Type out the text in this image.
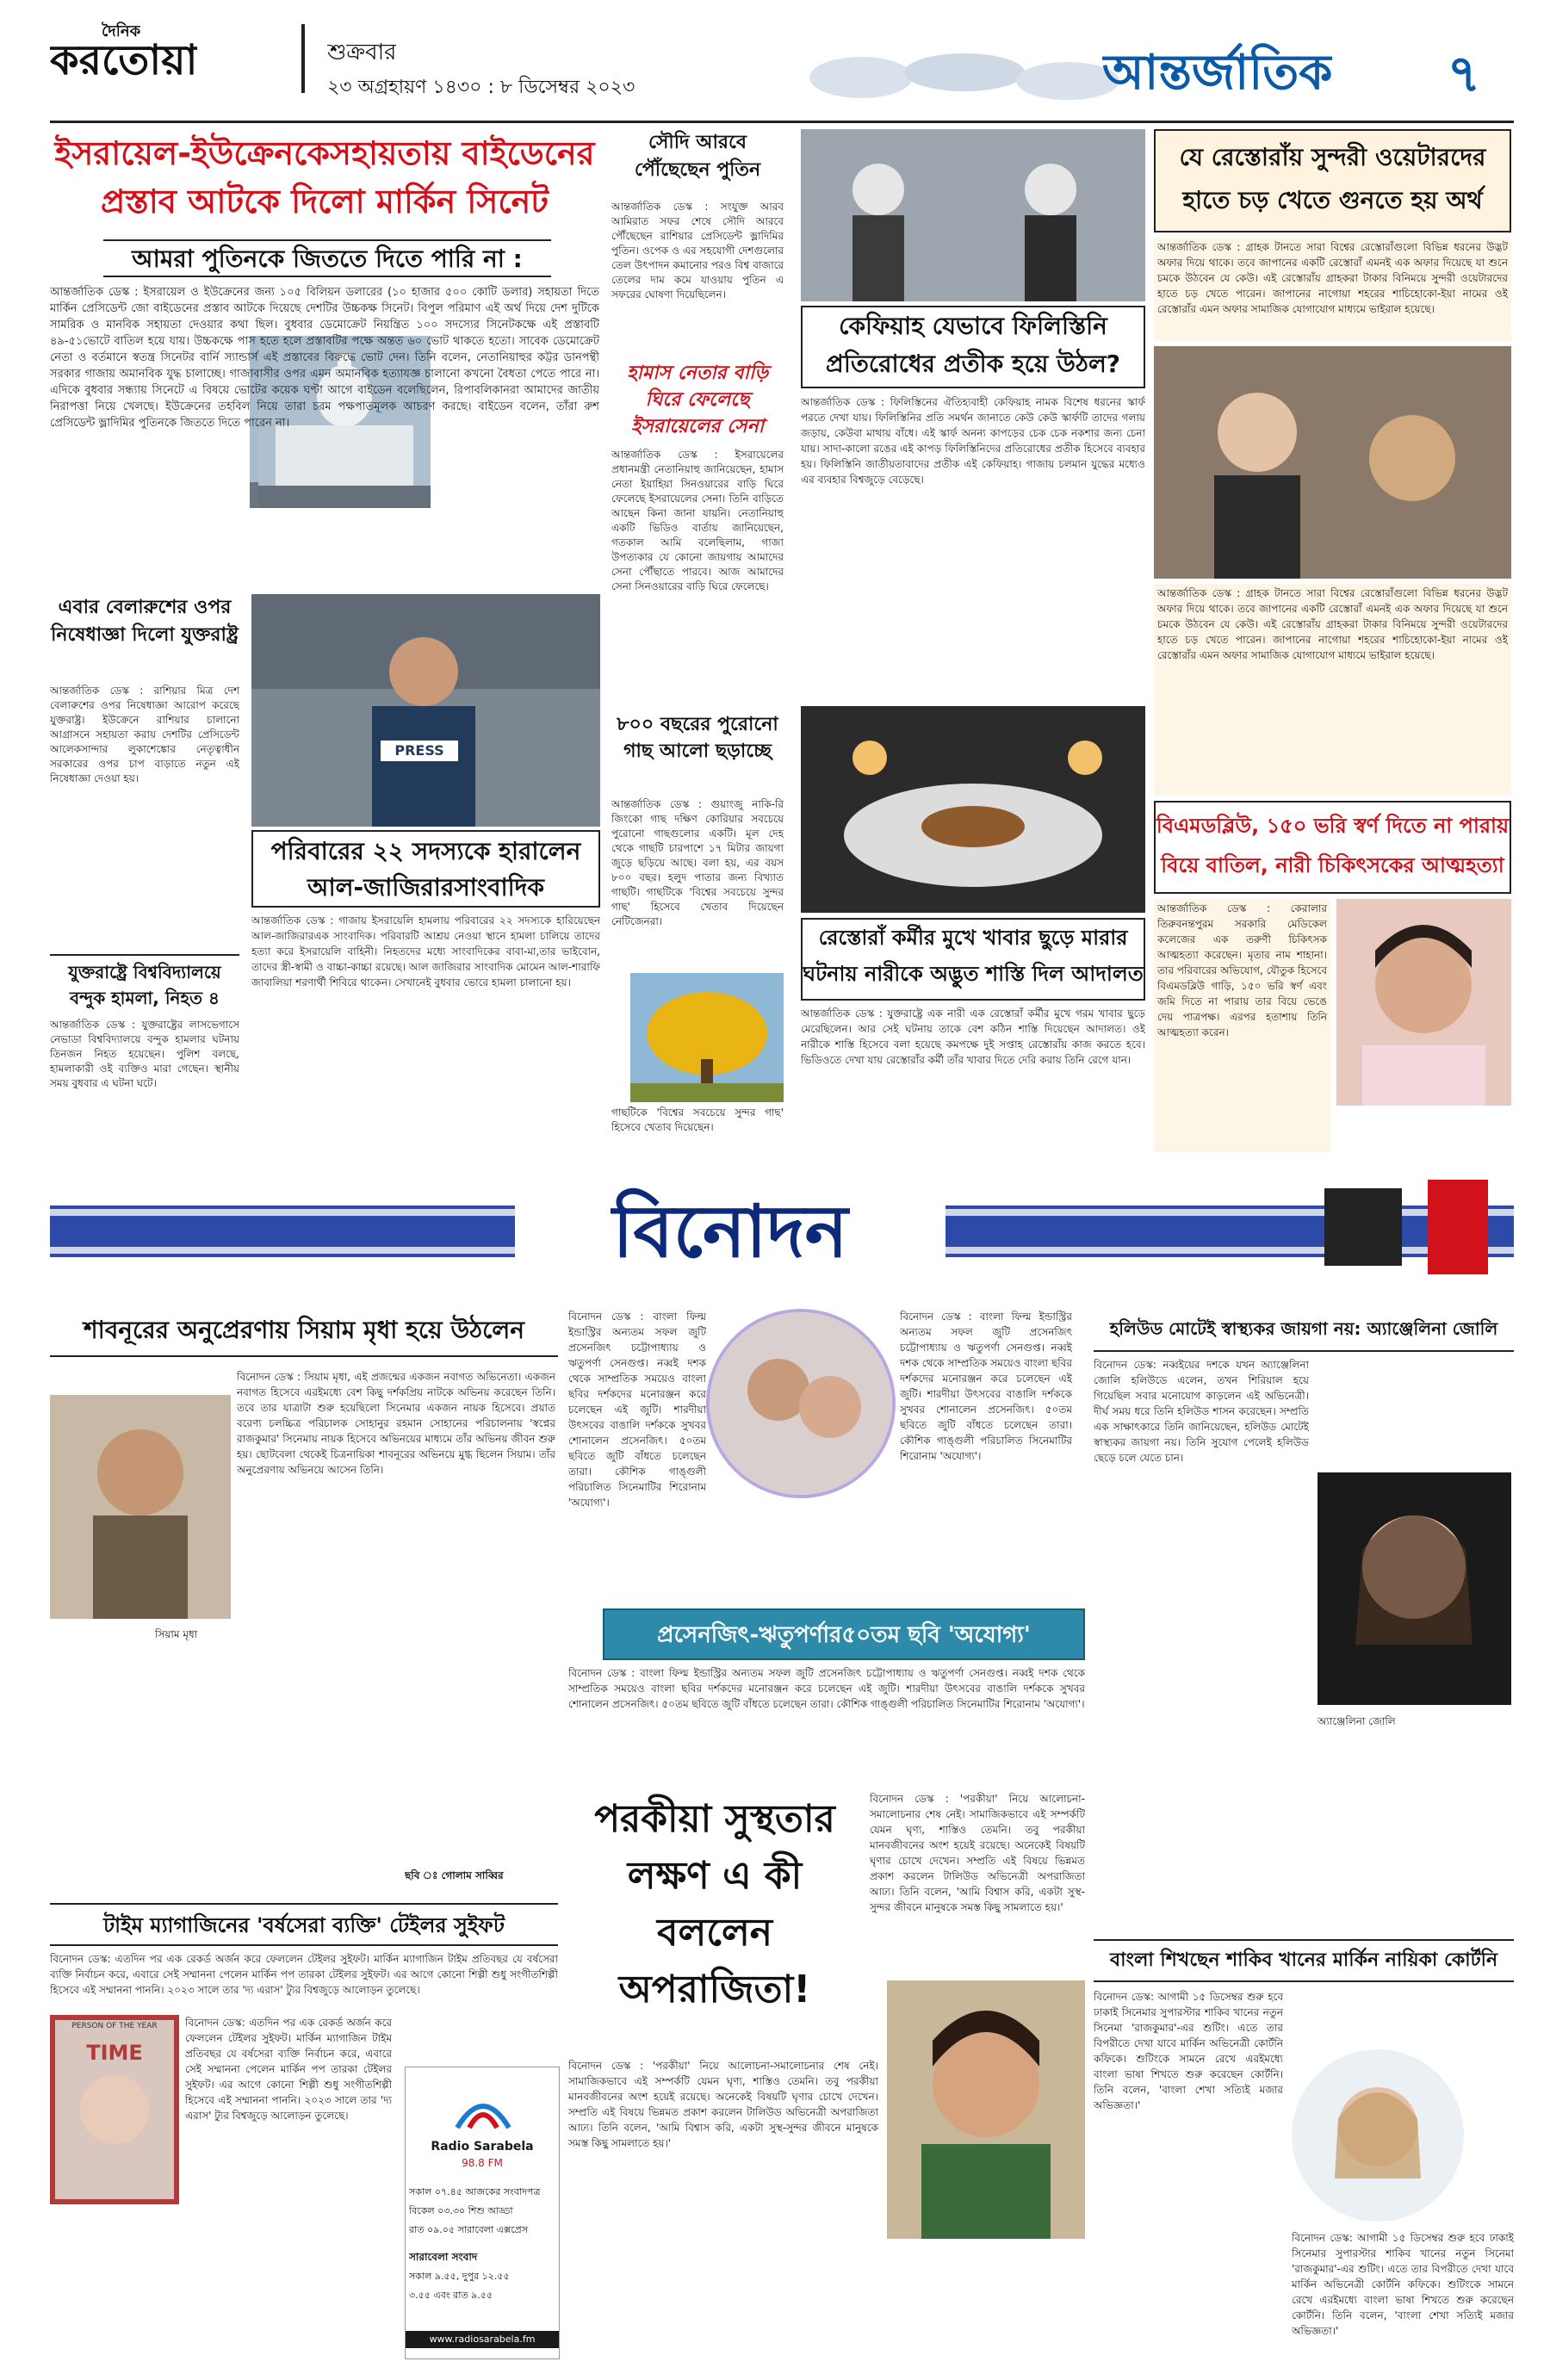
দৈনিক
করতোয়া	শুক্রবার
২৩ অগ্রহায়ণ ১৪৩০ : ৮ ডিসেম্বর ২০২৩	আন্তর্জাতিক	৭
ইসরায়েল-ইউক্রেনকেসহায়তায় বাইডেনের প্রস্তাব আটকে দিলো মার্কিন সিনেট
আমরা পুতিনকে জিততে দিতে পারি না :

আন্তর্জাতিক ডেস্ক : ইসরায়েল ও ইউক্রেনের জন্য ১০৫ বিলিয়ন ডলারের (১০ হাজার ৫০০ কোটি ডলার) সহায়তা দিতে মার্কিন প্রেসিডেন্ট জো বাইডেনের প্রস্তাব আটকে দিয়েছে দেশটির উচ্চকক্ষ সিনেট। বিপুল পরিমাণ এই অর্থ দিয়ে দেশ দুটিকে সামরিক ও মানবিক সহায়তা দেওয়ার কথা ছিল। বুধবার ডেমোক্রেট নিয়ন্ত্রিত ১০০ সদস্যের সিনেটকক্ষে এই প্রস্তাবটি ৪৯-৫১ভোটে বাতিল হয়ে যায়। উচ্চকক্ষে পাস হতে হলে প্রস্তাবটির পক্ষে অন্তত ৬০ ভোট থাকতে হতো। সাবেক ডেমোক্রেট নেতা ও বর্তমানে স্বতন্ত্র সিনেটর বার্নি স্যান্ডার্স এই প্রস্তাবের বিরুদ্ধে ভোট দেন। তিনি বলেন, নেতানিয়াহুর কট্টর ডানপন্থী সরকার গাজায় অমানবিক যুদ্ধ চালাচ্ছে। গাজাবাসীর ওপর এমন অমানবিক হত্যাযজ্ঞ চালানো কখনো বৈধতা পেতে পারে না। এদিকে বুধবার সন্ধ্যায় সিনেটে এ বিষয়ে ভোটের কয়েক ঘণ্টা আগে বাইডেন বলেছিলেন, রিপাবলিকানরা আমাদের জাতীয় নিরাপত্তা নিয়ে খেলছে। ইউক্রেনের তহবিল নিয়ে তারা চরম পক্ষপাতমূলক আচরণ করছে। বাইডেন বলেন, তাঁরা রুশ প্রেসিডেন্ট ভ্লাদিমির পুতিনকে জিততে দিতে পারেন না।

সৌদি আরবে পৌঁছেছেন পুতিন
আন্তর্জাতিক ডেস্ক : সংযুক্ত আরব আমিরাত সফর শেষে সৌদি আরবে পৌঁছেছেন রাশিয়ার প্রেসিডেন্ট ভ্লাদিমির পুতিন। ওপেক ও এর সহযোগী দেশগুলোর তেল উৎপাদন কমানোর পরও বিশ্ব বাজারে তেলের দাম কমে যাওয়ায় পুতিন এ সফরের ঘোষণা দিয়েছিলেন।
হামাস নেতার বাড়ি ঘিরে ফেলেছে ইসরায়েলের সেনা
আন্তর্জাতিক ডেস্ক : ইসরায়েলের প্রধানমন্ত্রী নেতানিয়াহু জানিয়েছেন, হামাস নেতা ইয়াহিয়া সিনওয়ারের বাড়ি ঘিরে ফেলেছে ইসরায়েলের সেনা। তিনি বাড়িতে আছেন কিনা জানা যায়নি। নেতানিয়াহু একটি ভিডিও বার্তায় জানিয়েছেন, গতকাল আমি বলেছিলাম, গাজা উপত্যকার যে কোনো জায়গায় আমাদের সেনা পৌঁছাতে পারবে। আজ আমাদের সেনা সিনওয়ারের বাড়ি ঘিরে ফেলেছে।
৮০০ বছরের পুরোনো গাছ আলো ছড়াচ্ছে
আন্তর্জাতিক ডেস্ক : গুয়াংজু নাকি-রি জিংকো গাছ দক্ষিণ কোরিয়ার সবচেয়ে পুরোনো গাছগুলোর একটি। মূল দেহ থেকে গাছটি চারপাশে ১৭ মিটার জায়গা জুড়ে ছড়িয়ে আছে। বলা হয়, এর বয়স ৮০০ বছর। হলুদ পাতার জন্য বিখ্যাত গাছটি। গাছটিকে 'বিশ্বের সবচেয়ে সুন্দর গাছ' হিসেবে খেতাব দিয়েছেন নেটিজেনরা।
গাছটিকে 'বিশ্বের সবচেয়ে সুন্দর গাছ' হিসেবে খেতাব দিয়েছেন।
এবার বেলারুশের ওপর নিষেধাজ্ঞা দিলো যুক্তরাষ্ট্র
আন্তর্জাতিক ডেস্ক : রাশিয়ার মিত্র দেশ বেলারুশের ওপর নিষেধাজ্ঞা আরোপ করেছে যুক্তরাষ্ট্র। ইউক্রেনে রাশিয়ার চালানো আগ্রাসনে সহায়তা করায় দেশটির প্রেসিডেন্ট আলেকসান্দার লুকাশেঙ্কোর নেতৃত্বাধীন সরকারের ওপর চাপ বাড়াতে নতুন এই নিষেধাজ্ঞা দেওয়া হয়।
যুক্তরাষ্ট্রে বিশ্ববিদ্যালয়ে বন্দুক হামলা, নিহত ৪
আন্তর্জাতিক ডেস্ক : যুক্তরাষ্ট্রের লাসভেগাসে নেভাডা বিশ্ববিদ্যালয়ে বন্দুক হামলার ঘটনায় তিনজন নিহত হয়েছেন। পুলিশ বলছে, হামলাকারী ওই ব্যক্তিও মারা গেছেন। স্থানীয় সময় বুধবার এ ঘটনা ঘটে।
PRESS
পরিবারের ২২ সদস্যকে হারালেন আল-জাজিরারসাংবাদিক
আন্তর্জাতিক ডেস্ক : গাজায় ইসরায়েলি হামলায় পরিবারের ২২ সদস্যকে হারিয়েছেন আল-জাজিরারএক সাংবাদিক। পরিবারটি আশ্রয় নেওয়া স্থানে হামলা চালিয়ে তাদের হত্যা করে ইসরায়েলি বাহিনী। নিহতদের মধ্যে সাংবাদিকের বাবা-মা,তার ভাইবোন, তাদের স্ত্রী-স্বামী ও বাচ্চা-কাচ্চা রয়েছে। আল জাজিরার সাংবাদিক মোমেন আল-শারাফি জাবালিয়া শরণার্থী শিবিরে থাকেন। সেখানেই বুধবার ভোরে হামলা চালানো হয়।
কেফিয়াহ যেভাবে ফিলিস্তিনি প্রতিরোধের প্রতীক হয়ে উঠল?
আন্তর্জাতিক ডেস্ক : ফিলিস্তিনের ঐতিহ্যবাহী কেফিয়াহ নামক বিশেষ ধরনের স্কার্ফ পরতে দেখা যায়। ফিলিস্তিনির প্রতি সমর্থন জানাতে কেউ কেউ স্কার্ফটি তাদের গলায় জড়ায়, কেউবা মাথায় বাঁধে। এই স্কার্ফ অনন্য কাপড়ের চেক চেক নকশার জন্য চেনা যায়। সাদা-কালো রঙের এই কাপড় ফিলিস্তিনিদের প্রতিরোধের প্রতীক হিসেবে ব্যবহার হয়। ফিলিস্তিনি জাতীয়তাবাদের প্রতীক এই কেফিয়াহ। গাজায় চলমান যুদ্ধের মধ্যেও এর ব্যবহার বিশ্বজুড়ে বেড়েছে।
রেস্তোরাঁ কর্মীর মুখে খাবার ছুড়ে মারার ঘটনায় নারীকে অদ্ভুত শাস্তি দিল আদালত
আন্তর্জাতিক ডেস্ক : যুক্তরাষ্ট্রে এক নারী এক রেস্তোরাঁ কর্মীর মুখে গরম খাবার ছুড়ে মেরেছিলেন। আর সেই ঘটনায় তাকে বেশ কঠিন শাস্তি দিয়েছেন আদালত। ওই নারীকে শাস্তি হিসেবে বলা হয়েছে কমপক্ষে দুই সপ্তাহ রেস্তোরাঁয় কাজ করতে হবে। ভিডিওতে দেখা যায় রেস্তোরাঁর কর্মী তাঁর খাবার দিতে দেরি করায় তিনি রেগে যান।
যে রেস্তোরাঁয় সুন্দরী ওয়েটারদের হাতে চড় খেতে গুনতে হয় অর্থ
আন্তর্জাতিক ডেস্ক : গ্রাহক টানতে সারা বিশ্বের রেস্তোরাঁগুলো বিভিন্ন ধরনের উদ্ভট অফার দিয়ে থাকে। তবে জাপানের একটি রেস্তোরাঁ এমনই এক অফার দিয়েছে যা শুনে চমকে উঠবেন যে কেউ। এই রেস্তোরাঁয় গ্রাহকরা টাকার বিনিময়ে সুন্দরী ওয়েটারদের হাতে চড় খেতে পারেন। জাপানের নাগোয়া শহরের শাচিহোকো-ইয়া নামের ওই রেস্তোরাঁর এমন অফার সামাজিক যোগাযোগ মাধ্যমে ভাইরাল হয়েছে।
আন্তর্জাতিক ডেস্ক : গ্রাহক টানতে সারা বিশ্বের রেস্তোরাঁগুলো বিভিন্ন ধরনের উদ্ভট অফার দিয়ে থাকে। তবে জাপানের একটি রেস্তোরাঁ এমনই এক অফার দিয়েছে যা শুনে চমকে উঠবেন যে কেউ। এই রেস্তোরাঁয় গ্রাহকরা টাকার বিনিময়ে সুন্দরী ওয়েটারদের হাতে চড় খেতে পারেন। জাপানের নাগোয়া শহরের শাচিহোকো-ইয়া নামের ওই রেস্তোরাঁর এমন অফার সামাজিক যোগাযোগ মাধ্যমে ভাইরাল হয়েছে।
বিএমডব্লিউ, ১৫০ ভরি স্বর্ণ দিতে না পারায় বিয়ে বাতিল, নারী চিকিৎসকের আত্মহত্যা
আন্তর্জাতিক ডেস্ক : কেরালার তিরুবনন্তপুরম সরকারি মেডিকেল কলেজের এক তরুণী চিকিৎসক আত্মহত্যা করেছেন। মৃতার নাম শাহানা। তার পরিবারের অভিযোগ, যৌতুক হিসেবে বিএমডব্লিউ গাড়ি, ১৫০ ভরি স্বর্ণ এবং জমি দিতে না পারায় তার বিয়ে ভেঙে দেয় পাত্রপক্ষ। এরপর হতাশায় তিনি আত্মহত্যা করেন।
বিনোদন
শাবনূরের অনুপ্রেরণায় সিয়াম মৃধা হয়ে উঠলেন
বিনোদন ডেস্ক : সিয়াম মৃধা, এই প্রজন্মের একজন নবাগত অভিনেতা। একজন নবাগত হিসেবে এরইমধ্যে বেশ কিছু দর্শকপ্রিয় নাটকে অভিনয় করেছেন তিনি। তবে তার যাত্রাটা শুরু হয়েছিলো সিনেমার একজন নায়ক হিসেবে। প্রয়াত বরেণ্য চলচ্চিত্র পরিচালক সোহানুর রহমান সোহানের পরিচালনায় 'স্বপ্নের রাজকুমার' সিনেমায় নায়ক হিসেবে অভিনয়ের মাধ্যমে তাঁর অভিনয় জীবন শুরু হয়। ছোটবেলা থেকেই চিত্রনায়িকা শাবনূরের অভিনয়ে মুগ্ধ ছিলেন সিয়াম। তাঁর অনুপ্রেরণায় অভিনয়ে আসেন তিনি।
সিয়াম মৃধা
ছবি ঃ গোলাম সাব্বির
বিনোদন ডেস্ক : বাংলা ফিল্ম ইন্ডাস্ট্রির অন্যতম সফল জুটি প্রসেনজিৎ চট্টোপাধ্যায় ও ঋতুপর্ণা সেনগুপ্ত। নব্বই দশক থেকে সাম্প্রতিক সময়েও বাংলা ছবির দর্শকদের মনোরঞ্জন করে চলেছেন এই জুটি। শারদীয়া উৎসবের বাঙালি দর্শককে সুখবর শোনালেন প্রসেনজিৎ। ৫০তম ছবিতে জুটি বাঁধতে চলেছেন তারা। কৌশিক গাঙ্গুলী পরিচালিত সিনেমাটির শিরোনাম 'অযোগ্য'।
বিনোদন ডেস্ক : বাংলা ফিল্ম ইন্ডাস্ট্রির অন্যতম সফল জুটি প্রসেনজিৎ চট্টোপাধ্যায় ও ঋতুপর্ণা সেনগুপ্ত। নব্বই দশক থেকে সাম্প্রতিক সময়েও বাংলা ছবির দর্শকদের মনোরঞ্জন করে চলেছেন এই জুটি। শারদীয়া উৎসবের বাঙালি দর্শককে সুখবর শোনালেন প্রসেনজিৎ। ৫০তম ছবিতে জুটি বাঁধতে চলেছেন তারা। কৌশিক গাঙ্গুলী পরিচালিত সিনেমাটির শিরোনাম 'অযোগ্য'।
প্রসেনজিৎ-ঋতুপর্ণার৫০তম ছবি 'অযোগ্য'
বিনোদন ডেস্ক : বাংলা ফিল্ম ইন্ডাস্ট্রির অন্যতম সফল জুটি প্রসেনজিৎ চট্টোপাধ্যায় ও ঋতুপর্ণা সেনগুপ্ত। নব্বই দশক থেকে সাম্প্রতিক সময়েও বাংলা ছবির দর্শকদের মনোরঞ্জন করে চলেছেন এই জুটি। শারদীয়া উৎসবের বাঙালি দর্শককে সুখবর শোনালেন প্রসেনজিৎ। ৫০তম ছবিতে জুটি বাঁধতে চলেছেন তারা। কৌশিক গাঙ্গুলী পরিচালিত সিনেমাটির শিরোনাম 'অযোগ্য'।
হলিউড মোটেই স্বাস্থ্যকর জায়গা নয়: অ্যাঞ্জেলিনা জোলি
বিনোদন ডেস্ক: নব্বইয়ের দশকে যখন অ্যাঞ্জেলিনা জোলি হলিউডে এলেন, তখন শিরিয়াল হয়ে গিয়েছিল সবার মনোযোগ কাড়লেন এই অভিনেত্রী। দীর্ঘ সময় ধরে তিনি হলিউড শাসন করেছেন। সম্প্রতি এক সাক্ষাৎকারে তিনি জানিয়েছেন, হলিউড মোটেই স্বাস্থ্যকর জায়গা নয়। তিনি সুযোগ পেলেই হলিউড ছেড়ে চলে যেতে চান।
অ্যাঞ্জেলিনা জোলি
টাইম ম্যাগাজিনের 'বর্ষসেরা ব্যক্তি' টেইলর সুইফট
বিনোদন ডেস্ক: এতদিন পর এক রেকর্ড অর্জন করে ফেললেন টেইলর সুইফট। মার্কিন ম্যাগাজিন টাইম প্রতিবছর যে বর্ষসেরা ব্যক্তি নির্বাচন করে, এবারে সেই সম্মাননা পেলেন মার্কিন পপ তারকা টেইলর সুইফট। এর আগে কোনো শিল্পী শুধু সংগীতশিল্পী হিসেবে এই সম্মাননা পাননি। ২০২৩ সালে তার 'দ্য এরাস' ট্যুর বিশ্বজুড়ে আলোড়ন তুলেছে।
TIME
PERSON OF THE YEAR	বিনোদন ডেস্ক: এতদিন পর এক রেকর্ড অর্জন করে ফেললেন টেইলর সুইফট। মার্কিন ম্যাগাজিন টাইম প্রতিবছর যে বর্ষসেরা ব্যক্তি নির্বাচন করে, এবারে সেই সম্মাননা পেলেন মার্কিন পপ তারকা টেইলর সুইফট। এর আগে কোনো শিল্পী শুধু সংগীতশিল্পী হিসেবে এই সম্মাননা পাননি। ২০২৩ সালে তার 'দ্য এরাস' ট্যুর বিশ্বজুড়ে আলোড়ন তুলেছে।
Radio Sarabela
98.8 FM
সকাল ০৭.৪৫ আজকের সংবাদপত্র
বিকেল ০৩.৩০ শিশু আড্ডা
রাত ০৯.০৫ সারাবেলা এক্সপ্রেস
সারাবেলা সংবাদ
সকাল ৯.৫৫, দুপুর ১২.৫৫
৩.৫৫ এবং রাত ৯.৫৫
www.radiosarabela.fm
পরকীয়া সুস্থতার লক্ষণ এ কী বললেন অপরাজিতা!
বিনোদন ডেস্ক : 'পরকীয়া' নিয়ে আলোচনা-সমালোচনার শেষ নেই। সামাজিকভাবে এই সম্পর্কটি যেমন ঘৃণ্য, শাস্তিও তেমনি। তবু পরকীয়া মানবজীবনের অংশ হয়েই রয়েছে। অনেকেই বিষয়টি ঘৃণার চোখে দেখেন। সম্প্রতি এই বিষয়ে ভিন্নমত প্রকাশ করলেন টালিউড অভিনেত্রী অপরাজিতা আঢ্য। তিনি বলেন, 'আমি বিশ্বাস করি, একটা সুস্থ-সুন্দর জীবনে মানুষকে সমস্ত কিছু সামলাতে হয়।'
বিনোদন ডেস্ক : 'পরকীয়া' নিয়ে আলোচনা-সমালোচনার শেষ নেই। সামাজিকভাবে এই সম্পর্কটি যেমন ঘৃণ্য, শাস্তিও তেমনি। তবু পরকীয়া মানবজীবনের অংশ হয়েই রয়েছে। অনেকেই বিষয়টি ঘৃণার চোখে দেখেন। সম্প্রতি এই বিষয়ে ভিন্নমত প্রকাশ করলেন টালিউড অভিনেত্রী অপরাজিতা আঢ্য। তিনি বলেন, 'আমি বিশ্বাস করি, একটা সুস্থ-সুন্দর জীবনে মানুষকে সমস্ত কিছু সামলাতে হয়।'
বাংলা শিখছেন শাকিব খানের মার্কিন নায়িকা কোর্টনি
বিনোদন ডেস্ক: আগামী ১৫ ডিসেম্বর শুরু হবে ঢাকাই সিনেমার সুপারস্টার শাকিব খানের নতুন সিনেমা 'রাজকুমার'-এর শুটিং। এতে তার বিপরীতে দেখা যাবে মার্কিন অভিনেত্রী কোর্টনি কফিকে। শুটিংকে সামনে রেখে এরইমধ্যে বাংলা ভাষা শিখতে শুরু করেছেন কোর্টনি। তিনি বলেন, 'বাংলা শেখা সত্যিই মজার অভিজ্ঞতা।'
বিনোদন ডেস্ক: আগামী ১৫ ডিসেম্বর শুরু হবে ঢাকাই সিনেমার সুপারস্টার শাকিব খানের নতুন সিনেমা 'রাজকুমার'-এর শুটিং। এতে তার বিপরীতে দেখা যাবে মার্কিন অভিনেত্রী কোর্টনি কফিকে। শুটিংকে সামনে রেখে এরইমধ্যে বাংলা ভাষা শিখতে শুরু করেছেন কোর্টনি। তিনি বলেন, 'বাংলা শেখা সত্যিই মজার অভিজ্ঞতা।'
